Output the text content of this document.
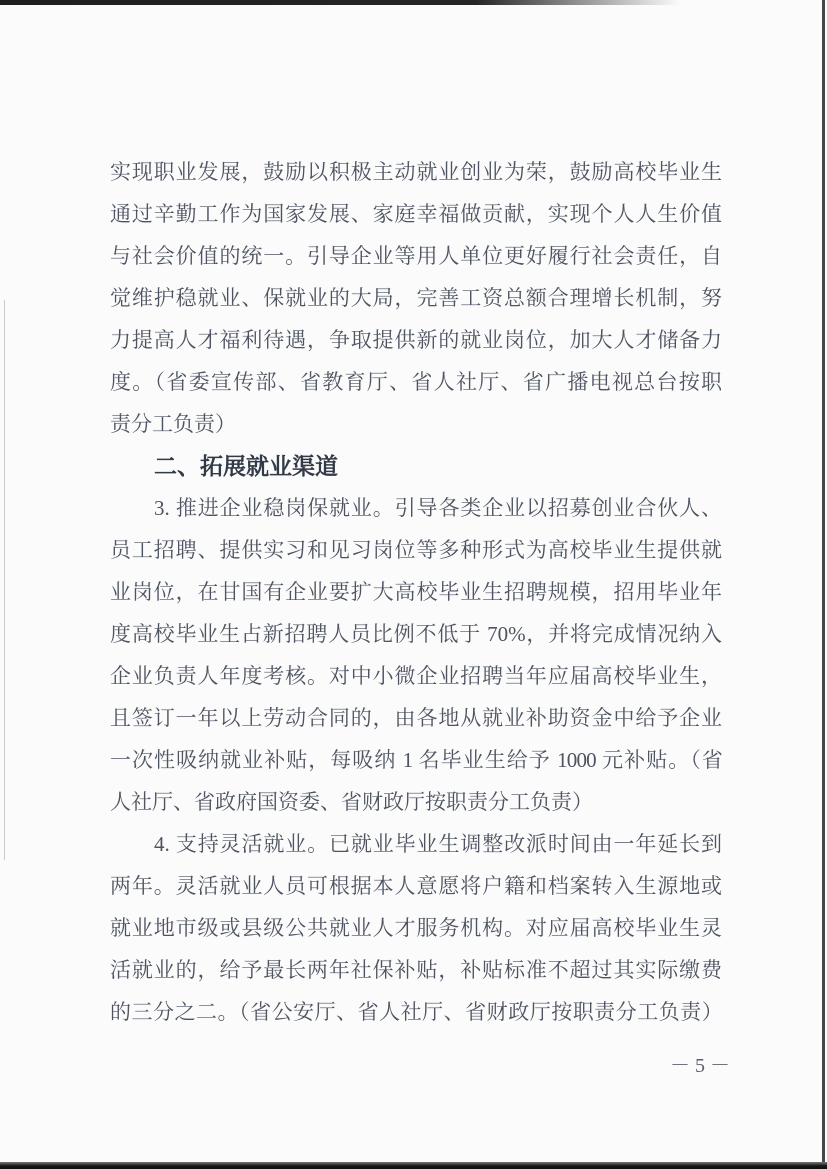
实现职业发展，鼓励以积极主动就业创业为荣，鼓励高校毕业生

通过辛勤工作为国家发展、家庭幸福做贡献，实现个人人生价值

与社会价值的统一。引导企业等用人单位更好履行社会责任，自

觉维护稳就业、保就业的大局，完善工资总额合理增长机制，努

力提高人才福利待遇，争取提供新的就业岗位，加大人才储备力

度。（省委宣传部、省教育厅、省人社厅、省广播电视总台按职

责分工负责）

二、拓展就业渠道

3. 推进企业稳岗保就业。引导各类企业以招募创业合伙人、

员工招聘、提供实习和见习岗位等多种形式为高校毕业生提供就

业岗位，在甘国有企业要扩大高校毕业生招聘规模，招用毕业年

度高校毕业生占新招聘人员比例不低于 70%，并将完成情况纳入

企业负责人年度考核。对中小微企业招聘当年应届高校毕业生，

且签订一年以上劳动合同的，由各地从就业补助资金中给予企业

一次性吸纳就业补贴，每吸纳 1 名毕业生给予 1000 元补贴。（省

人社厅、省政府国资委、省财政厅按职责分工负责）

4. 支持灵活就业。已就业毕业生调整改派时间由一年延长到

两年。灵活就业人员可根据本人意愿将户籍和档案转入生源地或

就业地市级或县级公共就业人才服务机构。对应届高校毕业生灵

活就业的，给予最长两年社保补贴，补贴标准不超过其实际缴费

的三分之二。（省公安厅、省人社厅、省财政厅按职责分工负责）

－ 5 －
